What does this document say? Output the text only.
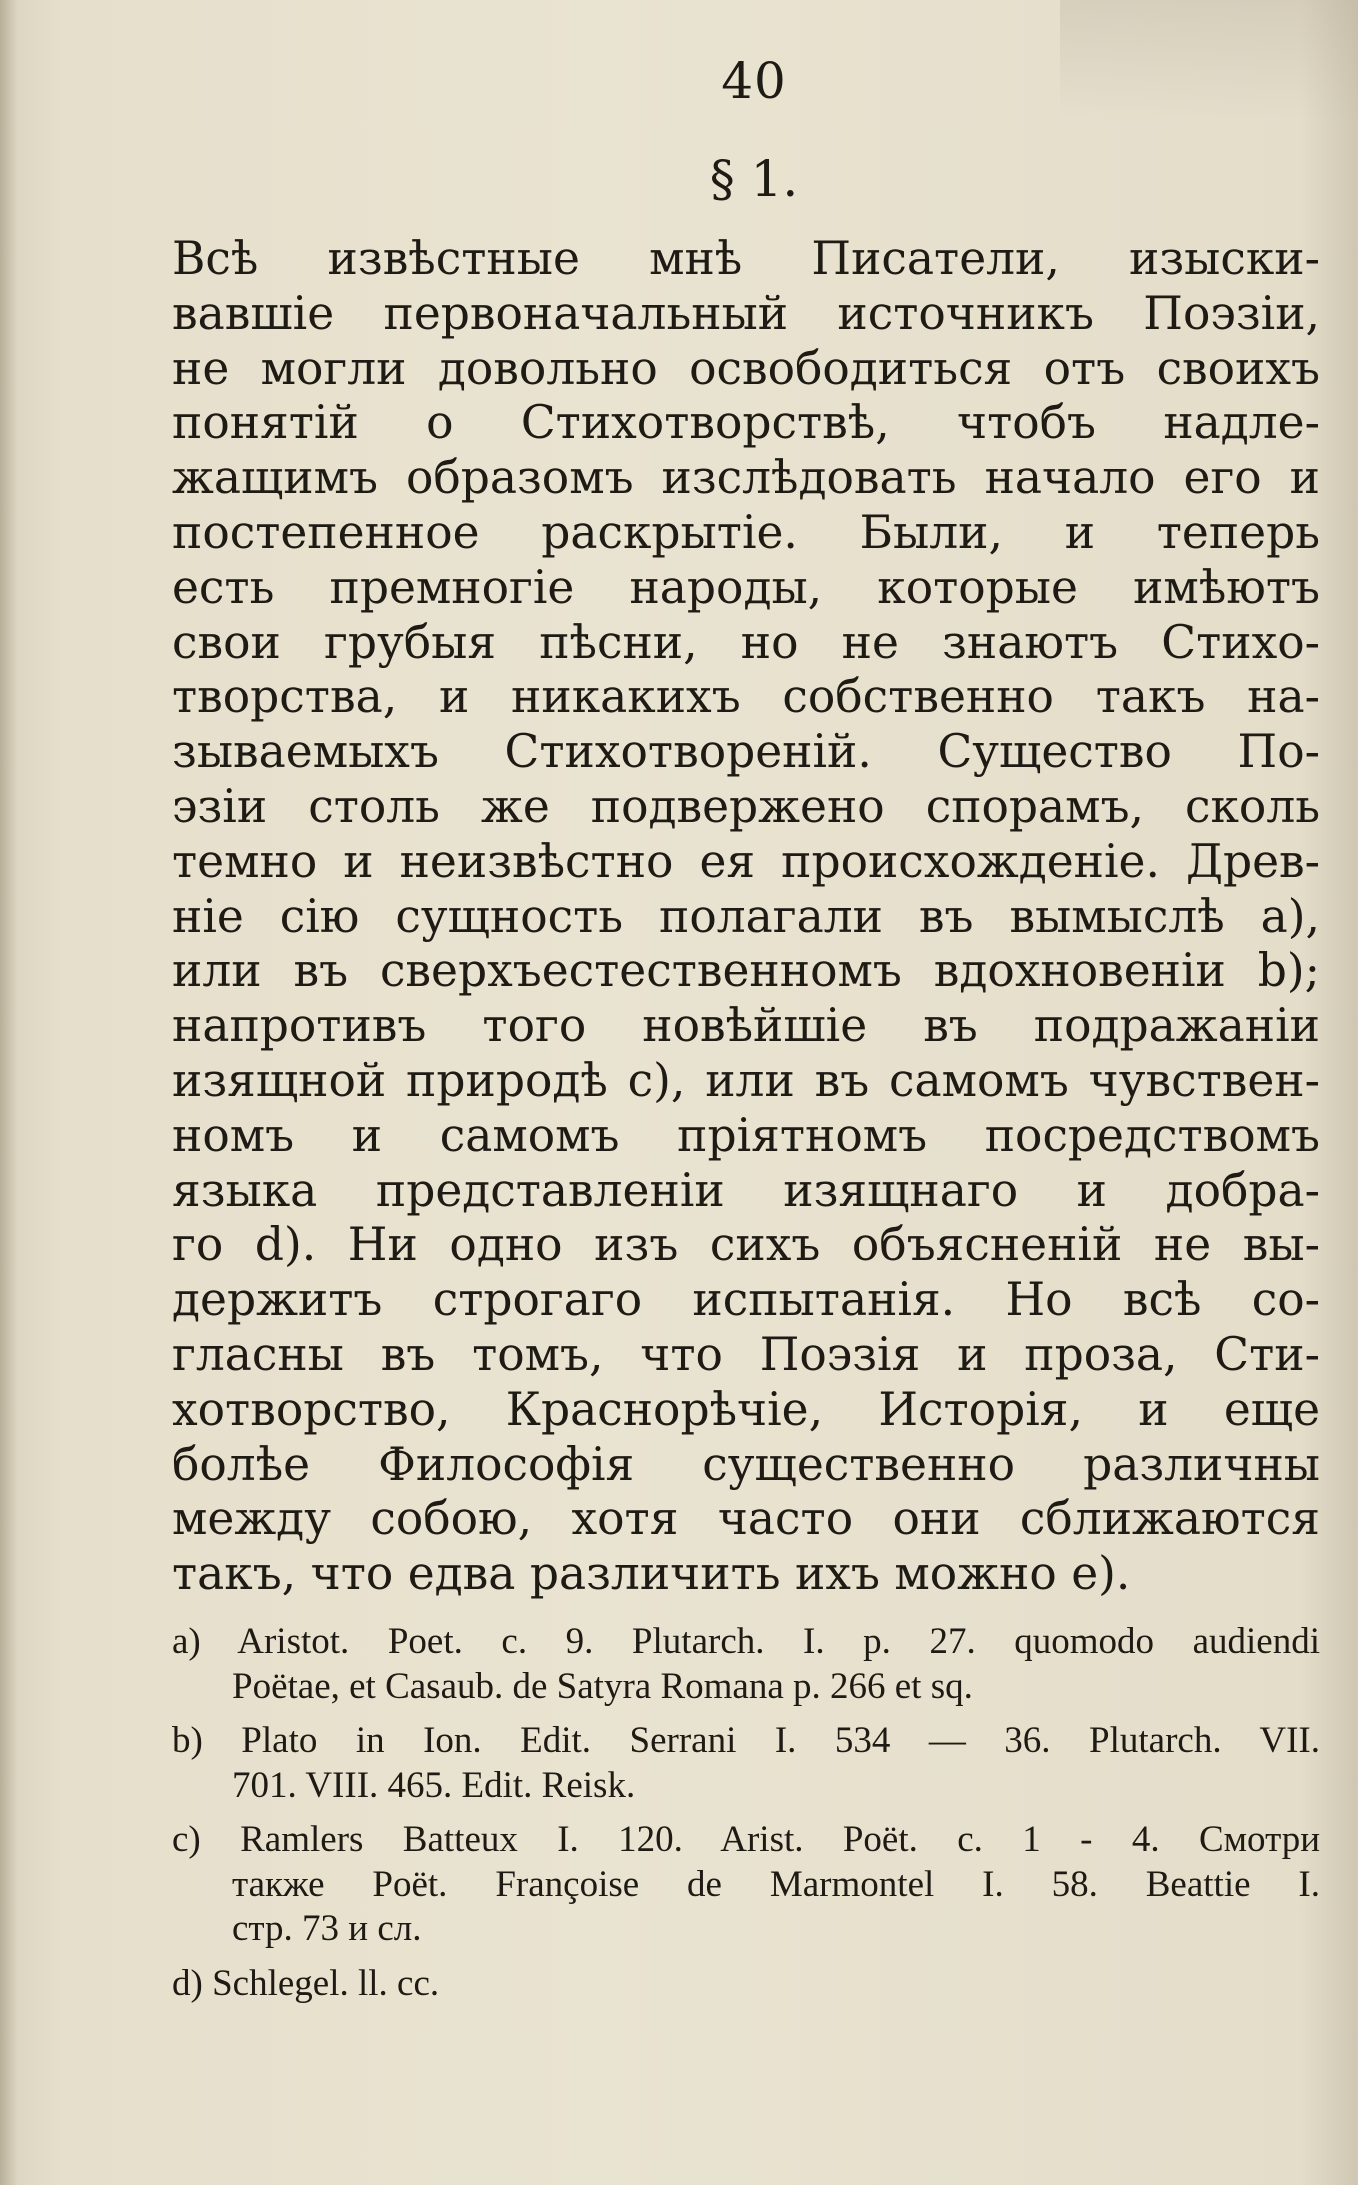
40
§ 1.
Всѣ извѣстные мнѣ Писатели, изыски-
вавшіе первоначальный источникъ Поэзіи,
не могли довольно освободиться отъ своихъ
понятій о Стихотворствѣ, чтобъ надле-
жащимъ образомъ изслѣдовать начало его и
постепенное раскрытіе. Были, и теперь
есть премногіе народы, которые имѣютъ
свои грубыя пѣсни, но не знаютъ Стихо-
творства, и никакихъ собственно такъ на-
зываемыхъ Стихотвореній. Существо По-
эзіи столь же подвержено спорамъ, сколь
темно и неизвѣстно ея происхожденіе. Древ-
ніе сію сущность полагали въ вымыслѣ а),
или въ сверхъестественномъ вдохновеніи b);
напротивъ того новѣйшіе въ подражаніи
изящной природѣ с), или въ самомъ чувствен-
номъ и самомъ пріятномъ посредствомъ
языка представленіи изящнаго и добра-
го d). Ни одно изъ сихъ объясненій не вы-
держитъ строгаго испытанія. Но всѣ со-
гласны въ томъ, что Поэзія и проза, Сти-
хотворство, Краснорѣчіе, Исторія, и еще
болѣе Философія существенно различны
между собою, хотя часто они сближаются
такъ, что едва различить ихъ можно е).
a) Aristot. Poet. c. 9. Plutarch. I. p. 27. quomodo audiendi
Poëtae, et Casaub. de Satyra Romana p. 266 et sq.
b) Plato in Ion. Edit. Serrani I. 534 — 36. Plutarch. VII.
701. VIII. 465. Edit. Reisk.
c) Ramlers Batteux I. 120. Arist. Poët. c. 1 - 4. Смотри
также Poët. Françoise de Marmontel I. 58. Beattie I.
стр. 73 и сл.
d) Schlegel. ll. cc.
